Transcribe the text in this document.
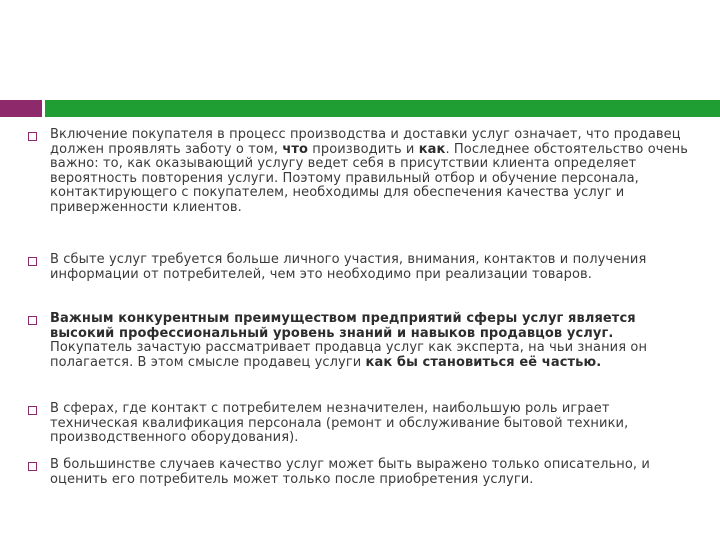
Включение покупателя в процесс производства и доставки услуг означает, что продавец должен проявлять заботу о том, что производить и как. Последнее обстоятельство очень важно: то, как оказывающий услугу ведет себя в присутствии клиента определяет вероятность повторения услуги. Поэтому правильный отбор и обучение персонала, контактирующего с покупателем, необходимы для обеспечения качества услуг и приверженности клиентов.
В сбыте услуг требуется больше личного участия, внимания, контактов и получения информации от потребителей, чем это необходимо при реализации товаров.
Важным конкурентным преимуществом предприятий сферы услуг является высокий профессиональный уровень знаний и навыков продавцов услуг. Покупатель зачастую рассматривает продавца услуг как эксперта, на чьи знания он полагается. В этом смысле продавец услуги как бы становиться её частью.
В сферах, где контакт с потребителем незначителен, наибольшую роль играет техническая квалификация персонала (ремонт и обслуживание бытовой техники, производственного оборудования).
В большинстве случаев качество услуг может быть выражено только описательно, и оценить его потребитель может только после приобретения услуги.
